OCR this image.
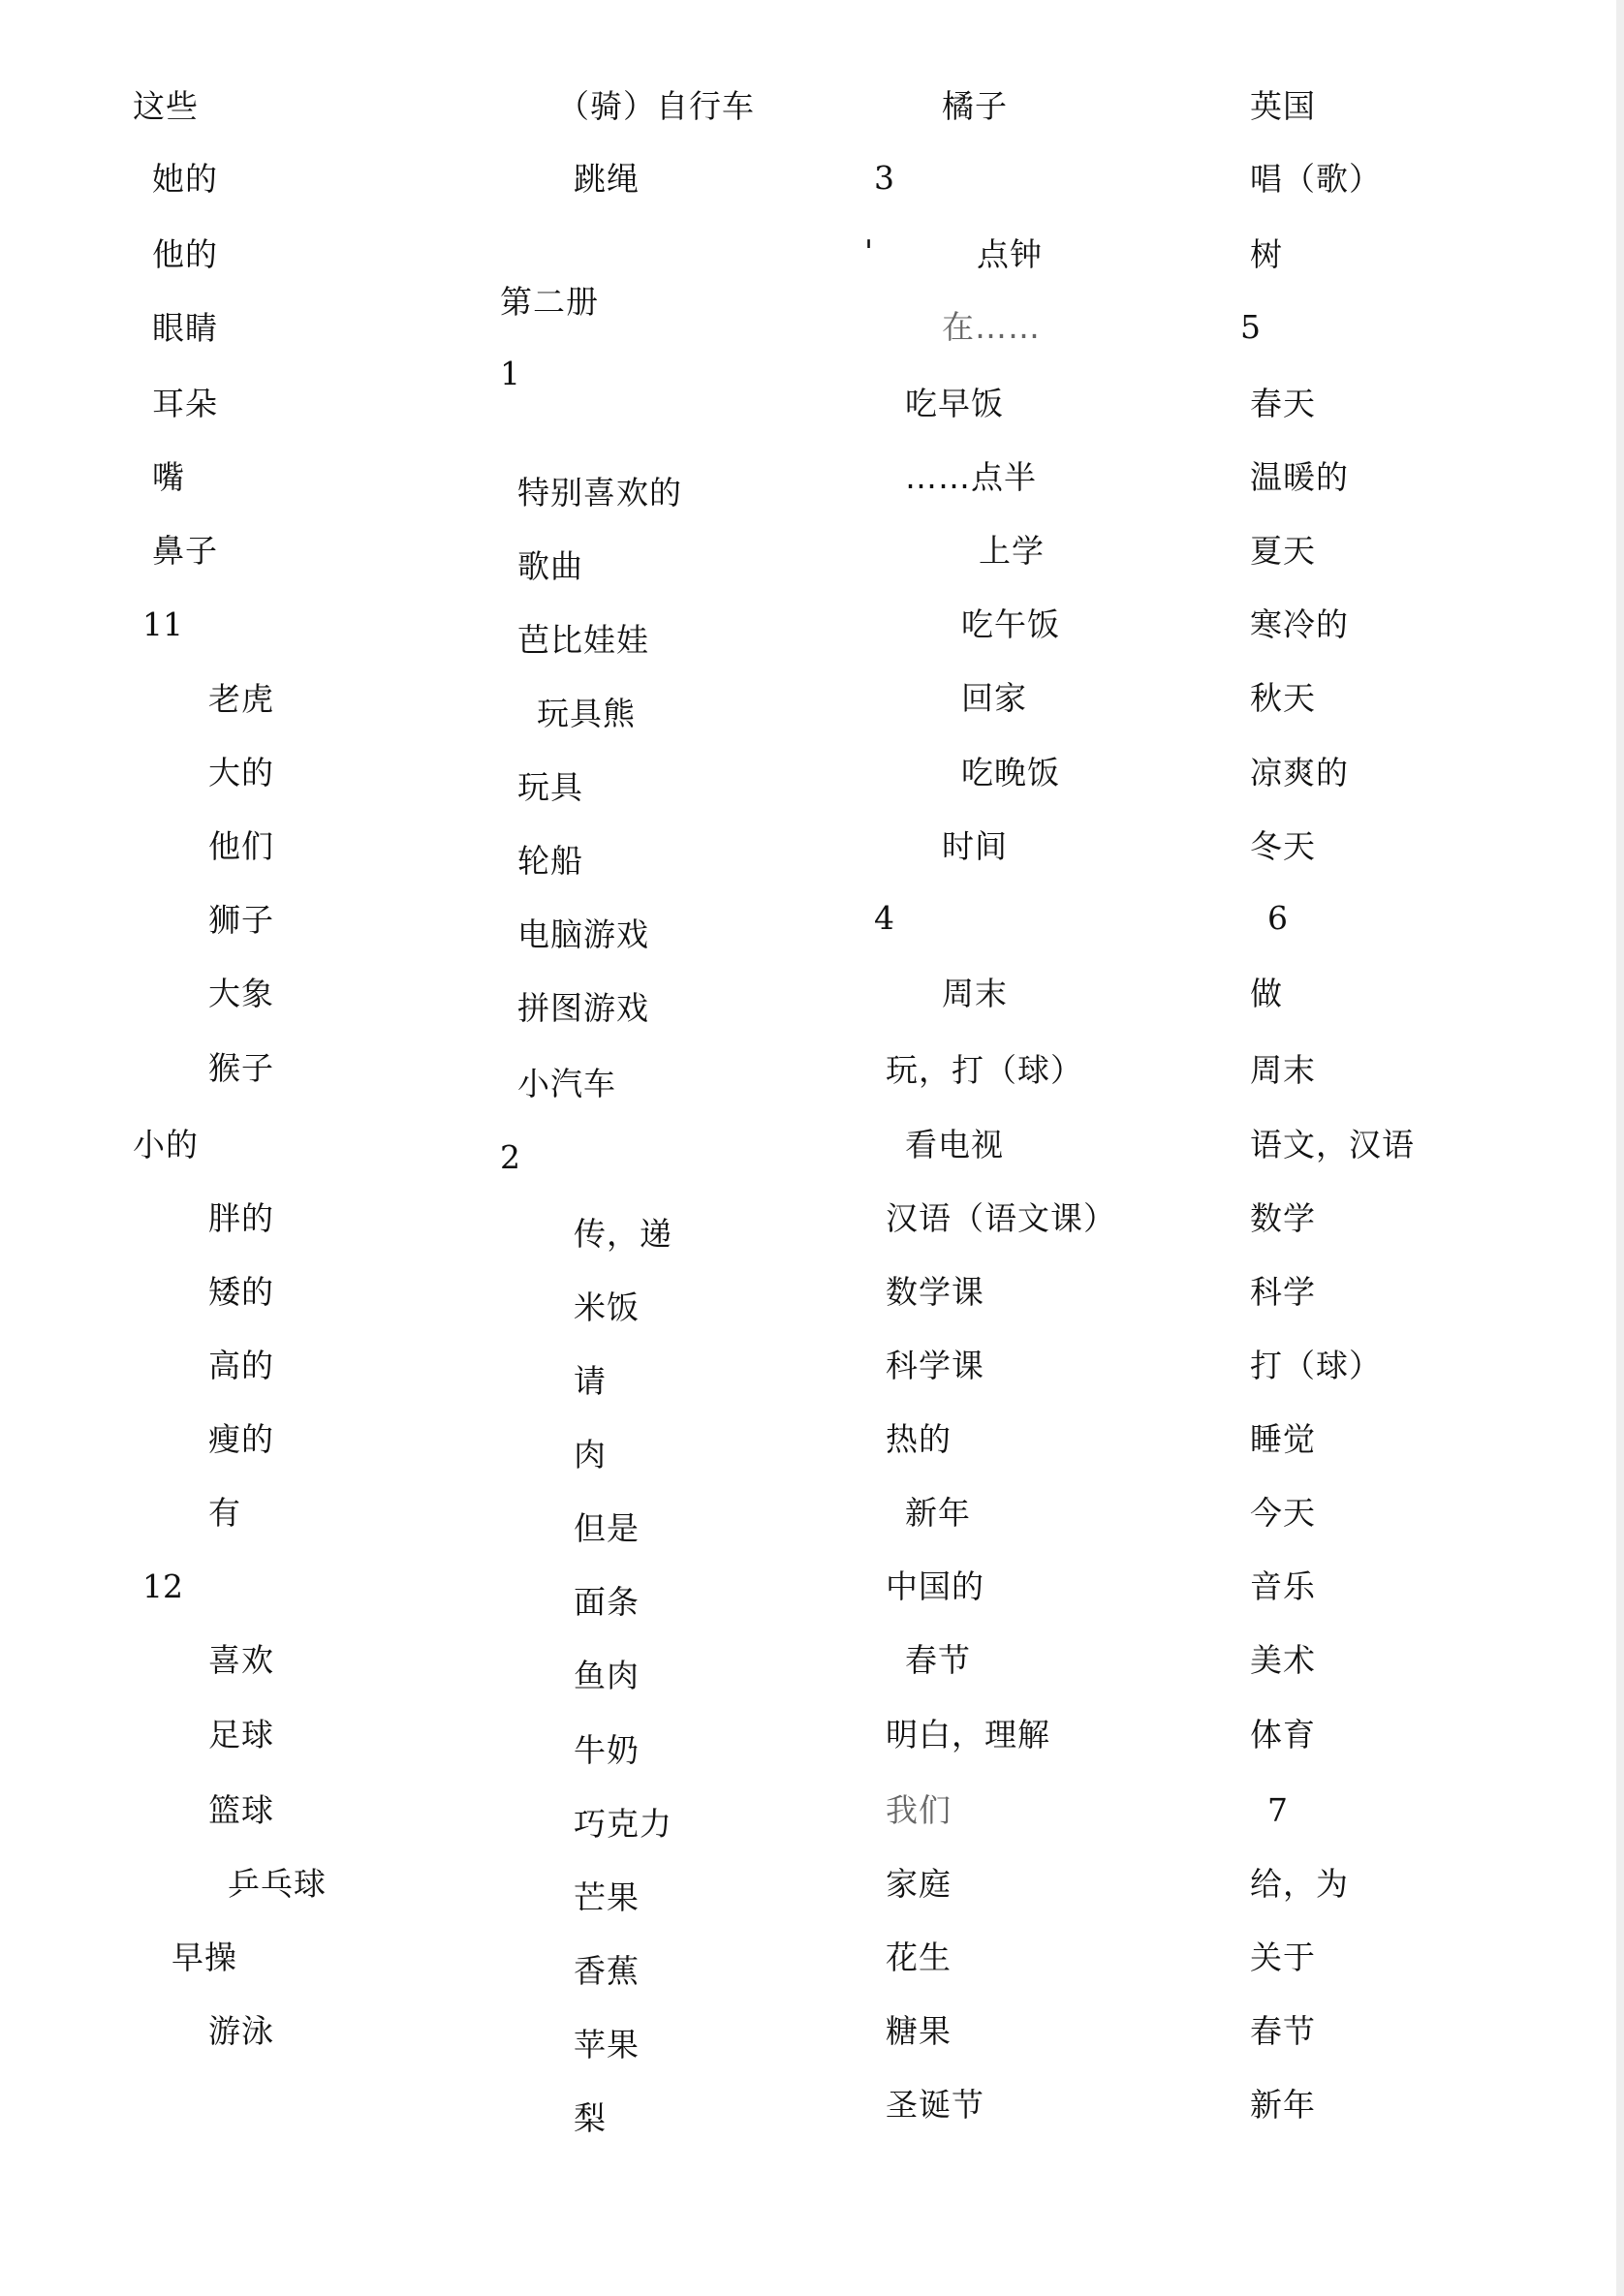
这些
她的
他的
眼睛
耳朵
嘴
鼻子
11
老虎
大的
他们
狮子
大象
猴子
小的
胖的
矮的
高的
瘦的
有
12
喜欢
足球
篮球
乒乓球
早操
游泳
（骑）自行车
跳绳
第二册
1
特别喜欢的
歌曲
芭比娃娃
玩具熊
玩具
轮船
电脑游戏
拼图游戏
小汽车
2
传，递
米饭
请
肉
但是
面条
鱼肉
牛奶
巧克力
芒果
香蕉
苹果
梨
橘子
3
'	点钟
在……
吃早饭
……点半
上学
吃午饭
回家
吃晚饭
时间
4
周末
玩，打（球）
看电视
汉语（语文课）
数学课
科学课
热的
新年
中国的
春节
明白，理解
我们
家庭
花生
糖果
圣诞节
英国
唱（歌）
树
5
春天
温暖的
夏天
寒冷的
秋天
凉爽的
冬天
6
做
周末
语文，汉语
数学
科学
打（球）
睡觉
今天
音乐
美术
体育
7
给，为
关于
春节
新年
